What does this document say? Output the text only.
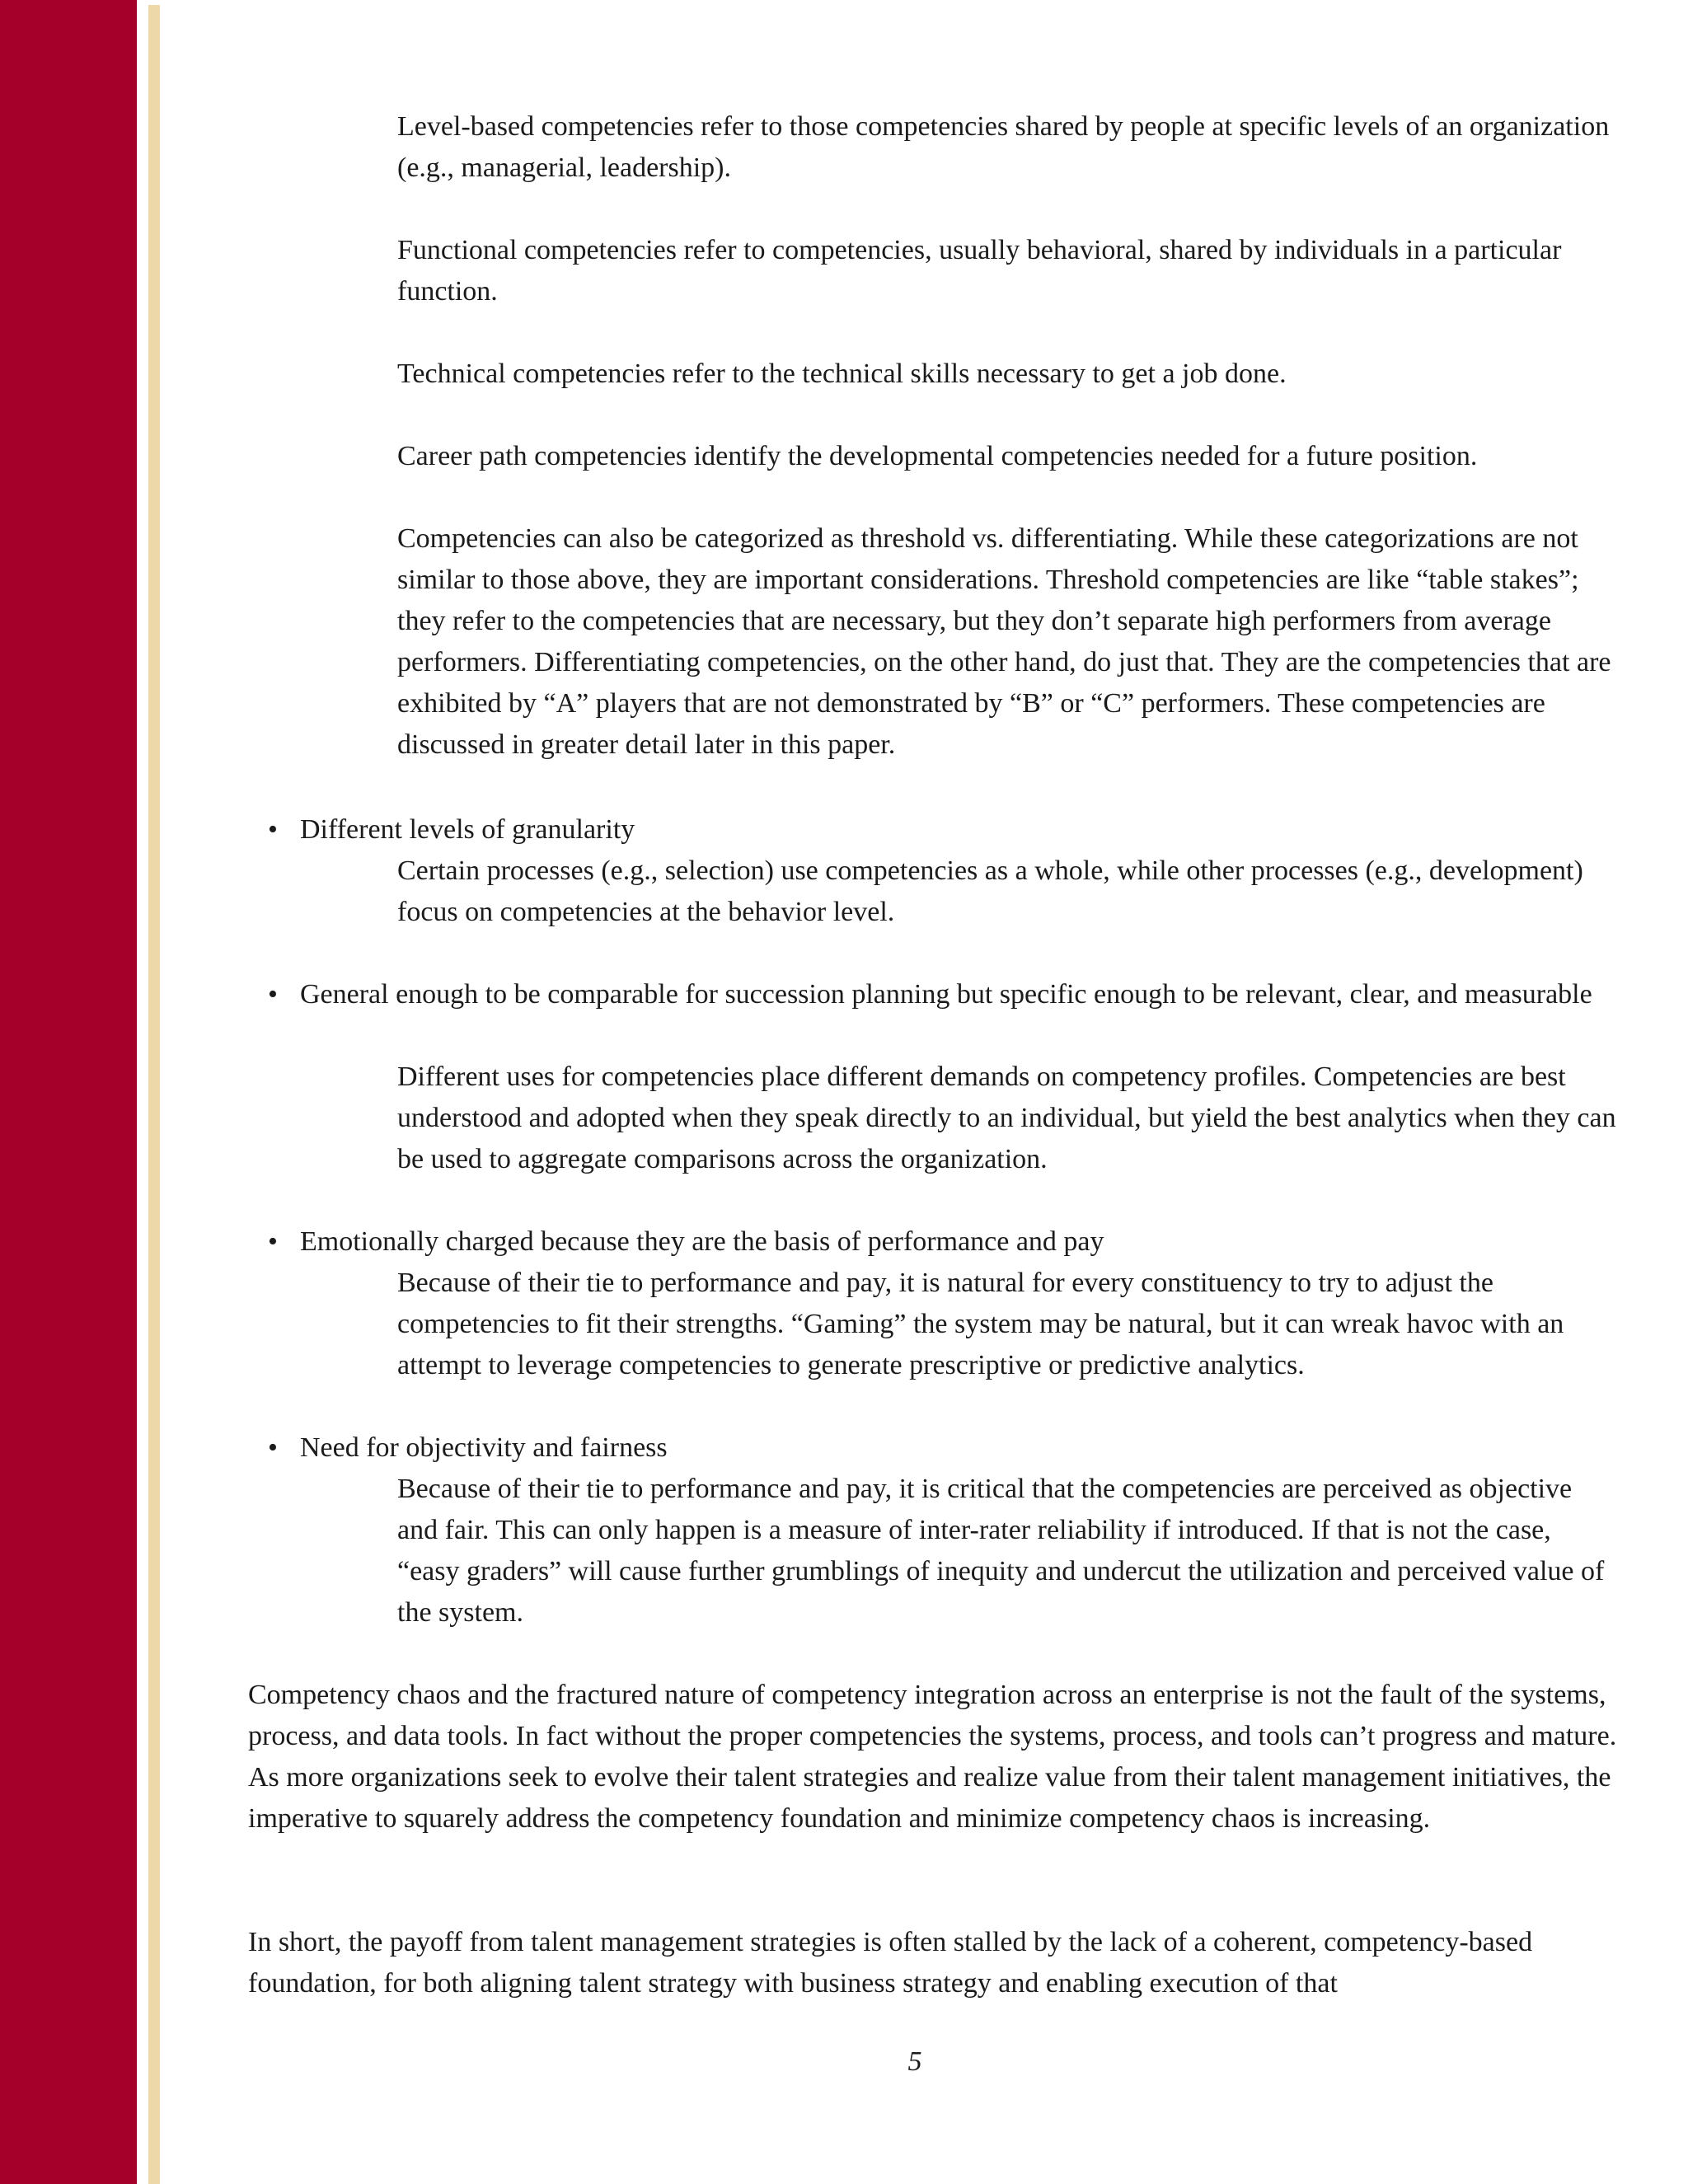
Level-based competencies refer to those competencies shared by people at specific levels of an organization (e.g., managerial, leadership).

Functional competencies refer to competencies, usually behavioral, shared by individuals in a particular function.

Technical competencies refer to the technical skills necessary to get a job done.

Career path competencies identify the developmental competencies needed for a future position.

Competencies can also be categorized as threshold vs. differentiating. While these categorizations are not similar to those above, they are important considerations. Threshold competencies are like “table stakes”; they refer to the competencies that are necessary, but they don’t separate high performers from average performers. Differentiating competencies, on the other hand, do just that. They are the competencies that are exhibited by “A” players that are not demonstrated by “B” or “C” performers. These competencies are discussed in greater detail later in this paper.

• Different levels of granularity

Certain processes (e.g., selection) use competencies as a whole, while other processes (e.g., development) focus on competencies at the behavior level.

• General enough to be comparable for succession planning but specific enough to be relevant, clear, and measurable

Different uses for competencies place different demands on competency profiles. Competencies are best understood and adopted when they speak directly to an individual, but yield the best analytics when they can be used to aggregate comparisons across the organization.

• Emotionally charged because they are the basis of performance and pay

Because of their tie to performance and pay, it is natural for every constituency to try to adjust the competencies to fit their strengths. “Gaming” the system may be natural, but it can wreak havoc with an attempt to leverage competencies to generate prescriptive or predictive analytics.

• Need for objectivity and fairness

Because of their tie to performance and pay, it is critical that the competencies are perceived as objective and fair. This can only happen is a measure of inter-rater reliability if introduced. If that is not the case, “easy graders” will cause further grumblings of inequity and undercut the utilization and perceived value of the system.

Competency chaos and the fractured nature of competency integration across an enterprise is not the fault of the systems, process, and data tools. In fact without the proper competencies the systems, process, and tools can’t progress and mature. As more organizations seek to evolve their talent strategies and realize value from their talent management initiatives, the imperative to squarely address the competency foundation and minimize competency chaos is increasing.

In short, the payoff from talent management strategies is often stalled by the lack of a coherent, competency-based foundation, for both aligning talent strategy with business strategy and enabling execution of that

5
